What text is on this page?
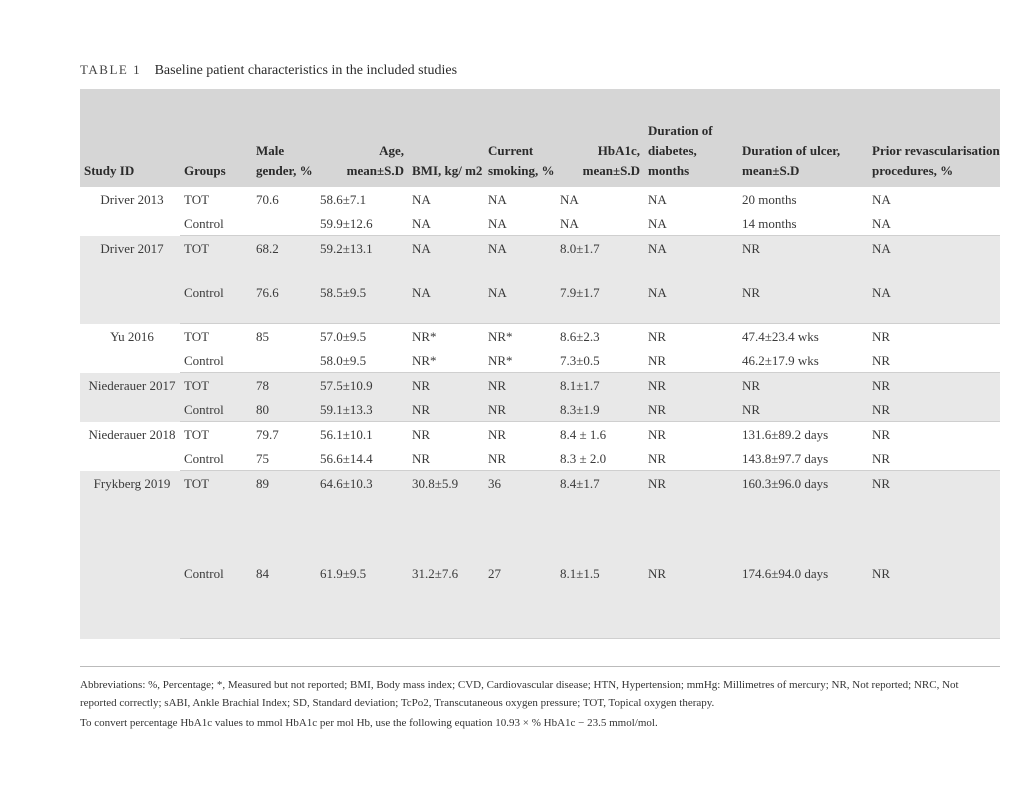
TABLE 1 Baseline patient characteristics in the included studies
Study ID	Groups	Male gender, %	Age, mean±S.D	BMI, kg/ m2	Current smoking, %	HbA1c, mean±S.D	Duration of diabetes, months	Duration of ulcer, mean±S.D	Prior revascularisation procedures, %
Driver 2013	TOT	70.6	58.6±7.1	NA	NA	NA	NA	20 months	NA
	Control		59.9±12.6	NA	NA	NA	NA	14 months	NA
Driver 2017	TOT	68.2	59.2±13.1	NA	NA	8.0±1.7	NA	NR	NA
	Control	76.6	58.5±9.5	NA	NA	7.9±1.7	NA	NR	NA
Yu 2016	TOT	85	57.0±9.5	NR*	NR*	8.6±2.3	NR	47.4±23.4 wks	NR
	Control		58.0±9.5	NR*	NR*	7.3±0.5	NR	46.2±17.9 wks	NR
Niederauer 2017	TOT	78	57.5±10.9	NR	NR	8.1±1.7	NR	NR	NR
	Control	80	59.1±13.3	NR	NR	8.3±1.9	NR	NR	NR
Niederauer 2018	TOT	79.7	56.1±10.1	NR	NR	8.4 ± 1.6	NR	131.6±89.2 days	NR
	Control	75	56.6±14.4	NR	NR	8.3 ± 2.0	NR	143.8±97.7 days	NR
Frykberg 2019	TOT	89	64.6±10.3	30.8±5.9	36	8.4±1.7	NR	160.3±96.0 days	NR
	Control	84	61.9±9.5	31.2±7.6	27	8.1±1.5	NR	174.6±94.0 days	NR

Abbreviations: %, Percentage; *, Measured but not reported; BMI, Body mass index; CVD, Cardiovascular disease; HTN, Hypertension; mmHg: Millimetres of mercury; NR, Not reported; NRC, Not reported correctly; sABI, Ankle Brachial Index; SD, Standard deviation; TcPo2, Transcutaneous oxygen pressure; TOT, Topical oxygen therapy.

To convert percentage HbA1c values to mmol HbA1c per mol Hb, use the following equation 10.93 × % HbA1c − 23.5 mmol/mol.
